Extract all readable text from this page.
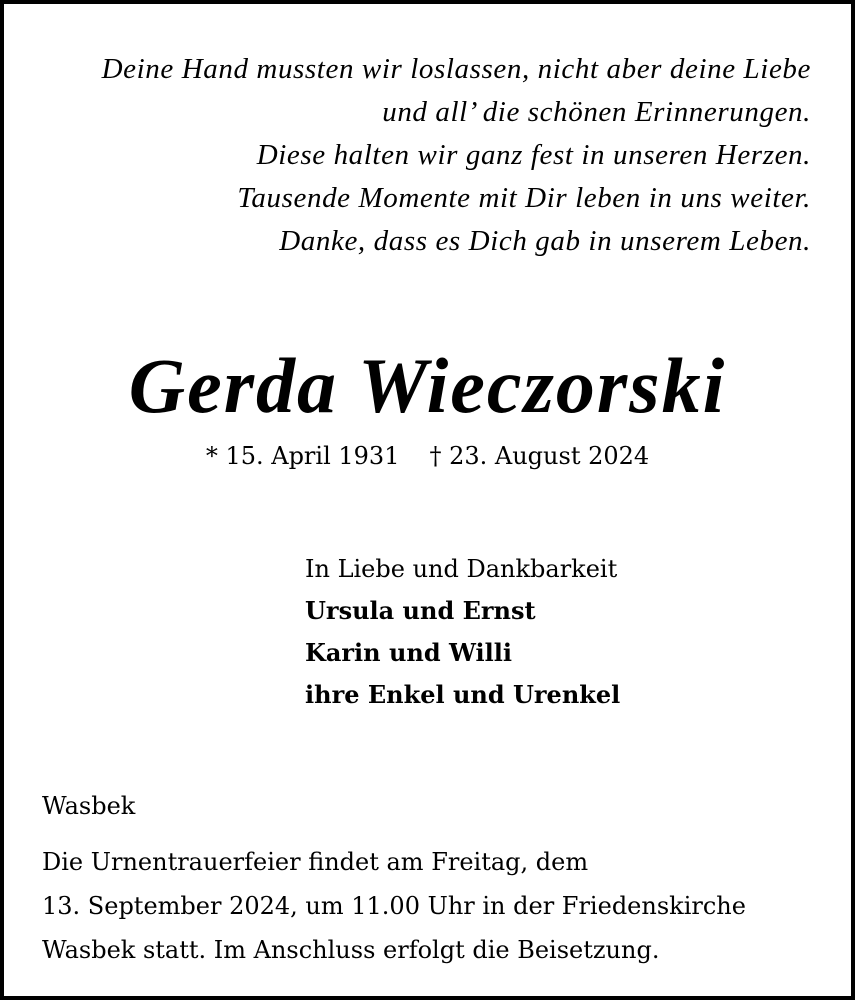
Deine Hand mussten wir loslassen, nicht aber deine Liebe
und all’ die schönen Erinnerungen.
Diese halten wir ganz fest in unseren Herzen.
Tausende Momente mit Dir leben in uns weiter.
Danke, dass es Dich gab in unserem Leben.
Gerda Wieczorski
* 15. April 1931 † 23. August 2024
In Liebe und Dankbarkeit
Ursula und Ernst
Karin und Willi
ihre Enkel und Urenkel
Wasbek
Die Urnentrauerfeier findet am Freitag, dem
13. September 2024, um 11.00 Uhr in der Friedenskirche
Wasbek statt. Im Anschluss erfolgt die Beisetzung.
